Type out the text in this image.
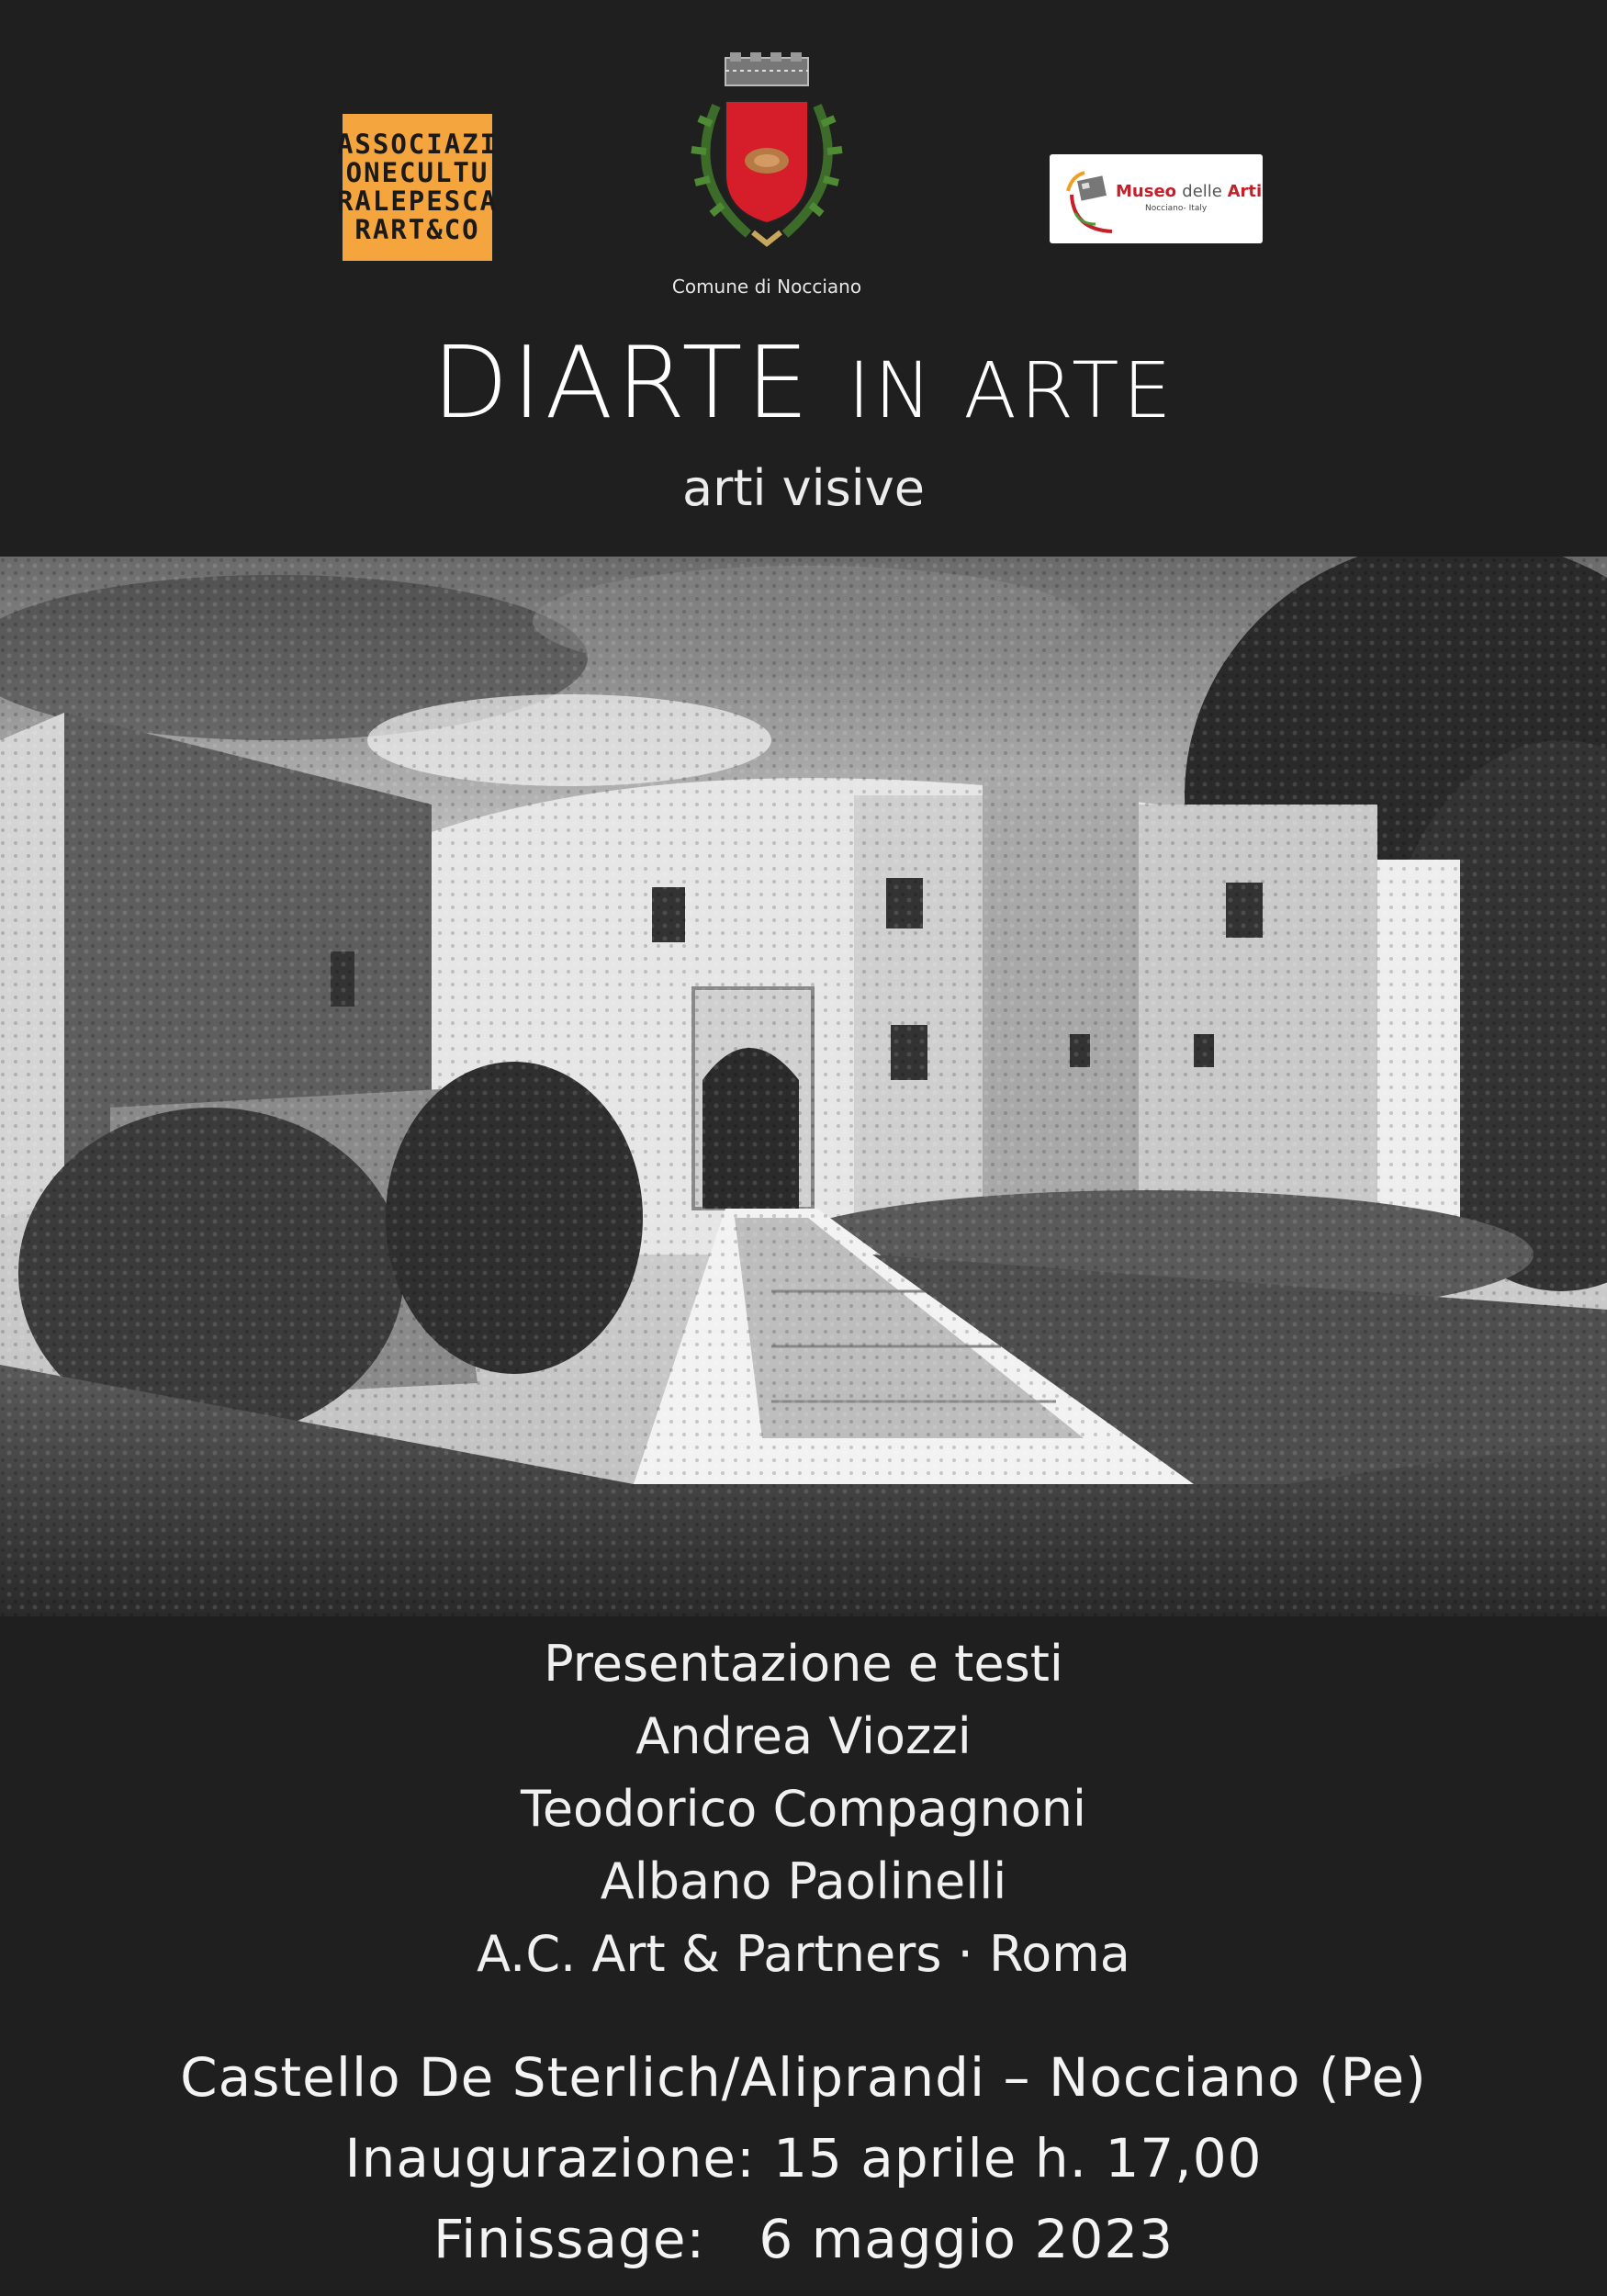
ASSOCIAZI
ONECULTU
RALEPESCA
RART&CO
Comune di Nocciano
Museo delle Arti
Nocciano- Italy
DIARTE IN ARTE
arti visive
Presentazione e testi
Andrea Viozzi
Teodorico Compagnoni
Albano Paolinelli
A.C. Art & Partners · Roma
Castello De Sterlich/Aliprandi – Nocciano (Pe)
Inaugurazione: 15 aprile h. 17,00
Finissage:   6 maggio 2023
